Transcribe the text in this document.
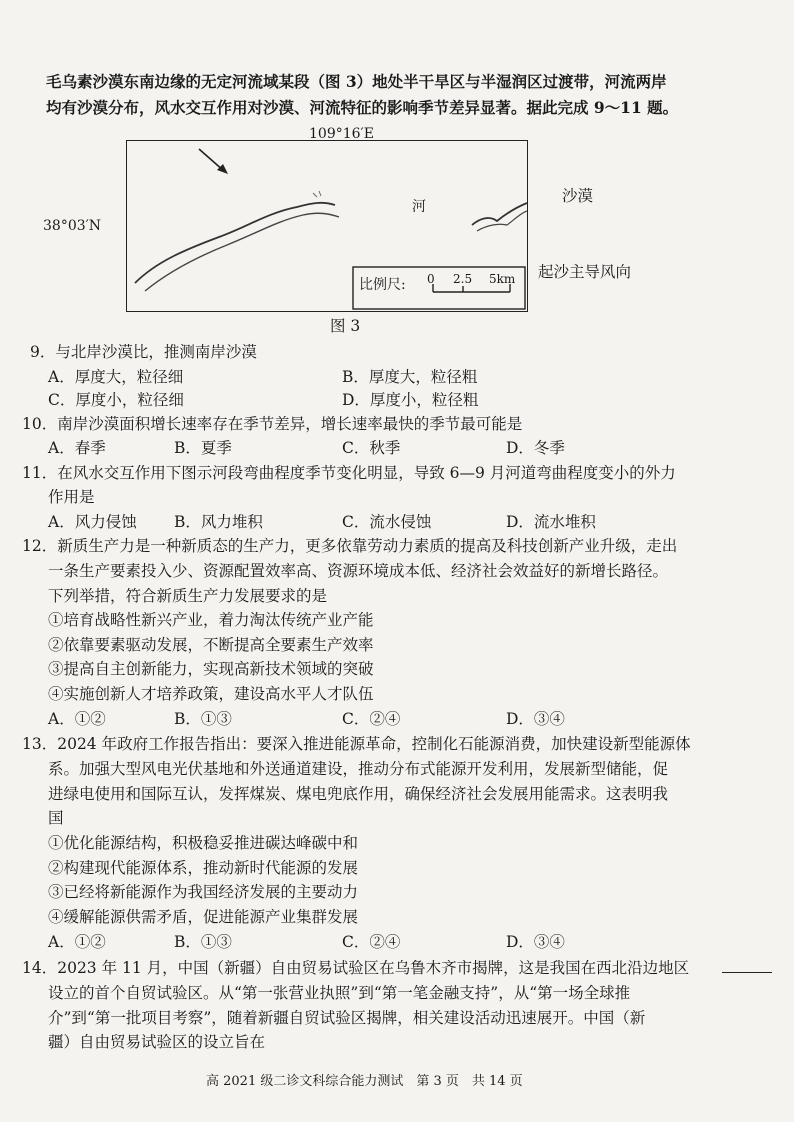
毛乌素沙漠东南边缘的无定河流域某段（图 3）地处半干旱区与半湿润区过渡带，河流两岸
均有沙漠分布，风水交互作用对沙漠、河流特征的影响季节差异显著。据此完成 9～11 题。
109°16′E
38°03′N
河
比例尺: 0 2.5 5km
沙漠
起沙主导风向
图 3
9．与北岸沙漠比，推测南岸沙漠
A．厚度大，粒径细	B．厚度大，粒径粗
C．厚度小，粒径细	D．厚度小，粒径粗
10．南岸沙漠面积增长速率存在季节差异，增长速率最快的季节最可能是
A．春季	B．夏季	C．秋季	D．冬季
11．在风水交互作用下图示河段弯曲程度季节变化明显，导致 6—9 月河道弯曲程度变小的外力
作用是
A．风力侵蚀 B．风力堆积	C．流水侵蚀	D．流水堆积
12．新质生产力是一种新质态的生产力，更多依靠劳动力素质的提高及科技创新产业升级，走出
一条生产要素投入少、资源配置效率高、资源环境成本低、经济社会效益好的新增长路径。
下列举措，符合新质生产力发展要求的是
①培育战略性新兴产业，着力淘汰传统产业产能
②依靠要素驱动发展，不断提高全要素生产效率
③提高自主创新能力，实现高新技术领域的突破
④实施创新人才培养政策，建设高水平人才队伍
A．①②	B．①③	C．②④	D．③④
13．2024 年政府工作报告指出：要深入推进能源革命，控制化石能源消费，加快建设新型能源体
系。加强大型风电光伏基地和外送通道建设，推动分布式能源开发利用，发展新型储能，促
进绿电使用和国际互认，发挥煤炭、煤电兜底作用，确保经济社会发展用能需求。这表明我
国
①优化能源结构，积极稳妥推进碳达峰碳中和
②构建现代能源体系，推动新时代能源的发展
③已经将新能源作为我国经济发展的主要动力
④缓解能源供需矛盾，促进能源产业集群发展
A．①②	B．①③	C．②④	D．③④
14．2023 年 11 月，中国（新疆）自由贸易试验区在乌鲁木齐市揭牌，这是我国在西北沿边地区
设立的首个自贸试验区。从“第一张营业执照”到“第一笔金融支持”，从“第一场全球推
介”到“第一批项目考察”，随着新疆自贸试验区揭牌，相关建设活动迅速展开。中国（新
疆）自由贸易试验区的设立旨在
高 2021 级二诊文科综合能力测试　第 3 页　共 14 页
